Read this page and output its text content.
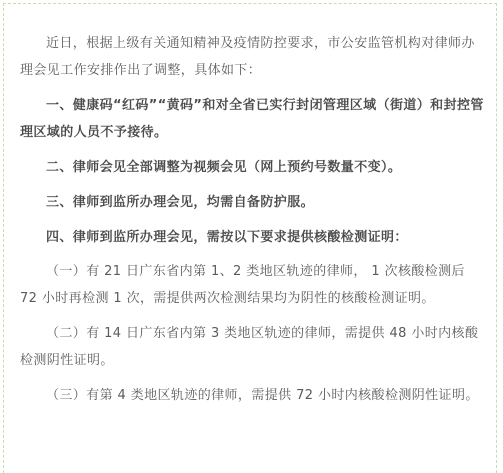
近日，根据上级有关通知精神及疫情防控要求，市公安监管机构对律师办理会见工作安排作出了调整，具体如下：

一、健康码“红码”“黄码”和对全省已实行封闭管理区域（街道）和封控管理区域的人员不予接待。

二、律师会见全部调整为视频会见（网上预约号数量不变）。

三、律师到监所办理会见，均需自备防护服。

四、律师到监所办理会见，需按以下要求提供核酸检测证明：

（一）有 21 日广东省内第 1、2 类地区轨迹的律师， 1 次核酸检测后 72 小时再检测 1 次，需提供两次检测结果均为阴性的核酸检测证明。

（二）有 14 日广东省内第 3 类地区轨迹的律师，需提供 48 小时内核酸检测阴性证明。

（三）有第 4 类地区轨迹的律师，需提供 72 小时内核酸检测阴性证明。
